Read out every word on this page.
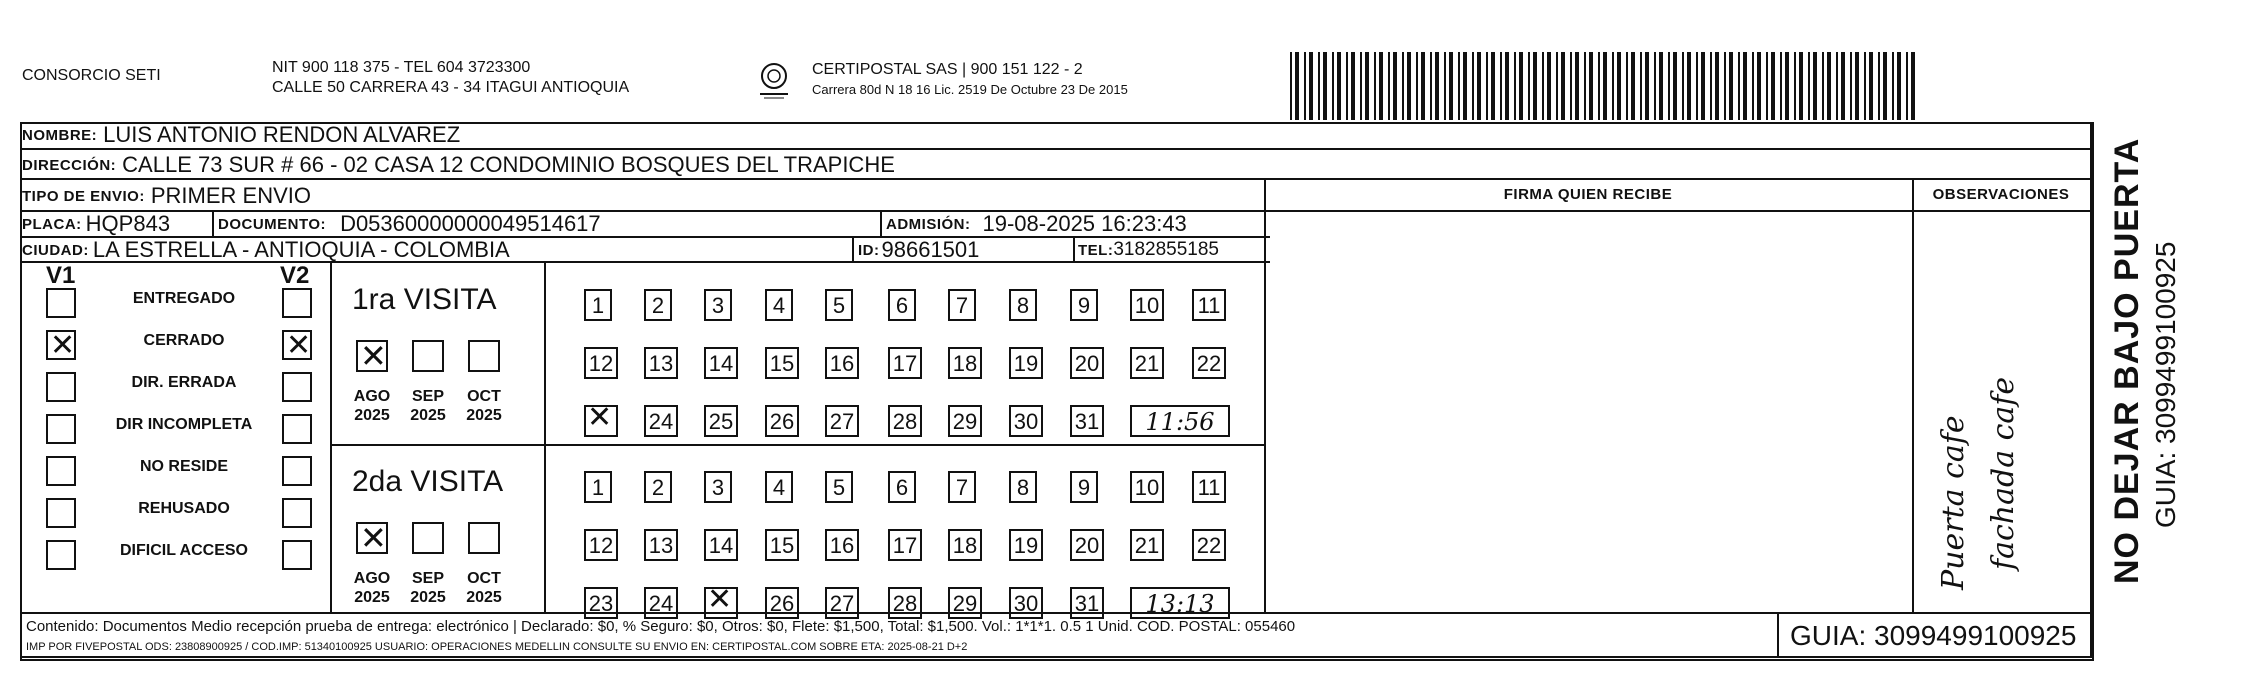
CONSORCIO SETI	NIT 900 118 375 - TEL 604 3723300
CALLE 50 CARRERA 43 - 34 ITAGUI ANTIOQUIA
CERTIPOSTAL SAS | 900 151 122 - 2
Carrera 80d N 18 16 Lic. 2519 De Octubre 23 De 2015
NOMBRE: LUIS ANTONIO RENDON ALVAREZ
DIRECCIÓN: CALLE 73 SUR # 66 - 02 CASA 12 CONDOMINIO BOSQUES DEL TRAPICHE
TIPO DE ENVIO: PRIMER ENVIO	FIRMA QUIEN RECIBE	OBSERVACIONES
PLACA: HQP843	DOCUMENTO: D05360000000049514617	ADMISIÓN: 19-08-2025 16:23:43
CIUDAD: LA ESTRELLA - ANTIOQUIA - COLOMBIA	ID: 98661501	TEL: 3182855185
V1	V2
ENTREGADO
✕
CERRADO
✕
DIR. ERRADA
DIR INCOMPLETA
NO RESIDE
REHUSADO
DIFICIL ACCESO
1ra VISITA
✕
AGO
2025
SEP
2025
OCT
2025
1	2	3	4	5	6	7	8	9	10 11
12 13 14 15 16 17 18 19 20 21 22
✕
24 25 26 27 28 29 30 31	11:56
2da VISITA
✕
AGO
2025
SEP
2025
OCT
2025
1	2	3	4	5	6	7	8	9	10 11
12 13 14 15 16 17 18 19 20 21 22
23 24
✕	26 27 28 29 30 31	13:13
Puerta cafe fachada cafe	NO DEJAR BAJO PUERTA GUIA: 3099499100925
Contenido: Documentos Medio recepción prueba de entrega: electrónico | Declarado: $0, % Seguro: $0, Otros: $0, Flete: $1,500, Total: $1,500. Vol.: 1*1*1. 0.5 1 Unid. COD. POSTAL: 055460
IMP POR FIVEPOSTAL ODS: 23808900925 / COD.IMP: 51340100925 USUARIO: OPERACIONES MEDELLIN CONSULTE SU ENVIO EN: CERTIPOSTAL.COM SOBRE ETA: 2025-08-21 D+2	GUIA: 3099499100925
